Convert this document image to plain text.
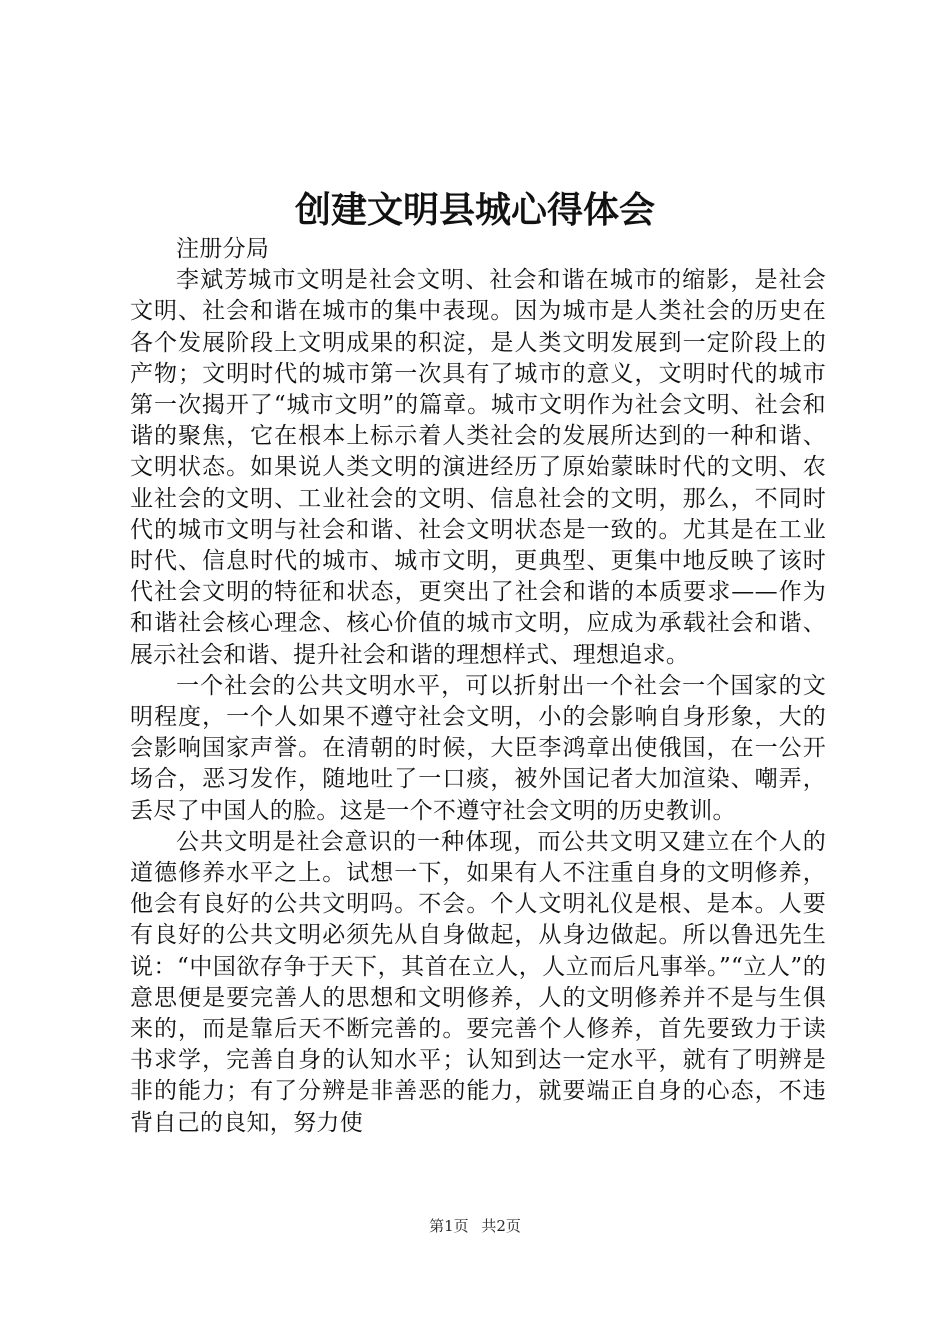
创建文明县城心得体会

注册分局

李斌芳城市文明是社会文明、社会和谐在城市的缩影，是社会文明、社会和谐在城市的集中表现。因为城市是人类社会的历史在各个发展阶段上文明成果的积淀，是人类文明发展到一定阶段上的产物；文明时代的城市第一次具有了城市的意义，文明时代的城市第一次揭开了“城市文明”的篇章。城市文明作为社会文明、社会和谐的聚焦，它在根本上标示着人类社会的发展所达到的一种和谐、文明状态。如果说人类文明的演进经历了原始蒙昧时代的文明、农业社会的文明、工业社会的文明、信息社会的文明，那么，不同时代的城市文明与社会和谐、社会文明状态是一致的。尤其是在工业时代、信息时代的城市、城市文明，更典型、更集中地反映了该时代社会文明的特征和状态，更突出了社会和谐的本质要求——作为和谐社会核心理念、核心价值的城市文明，应成为承载社会和谐、展示社会和谐、提升社会和谐的理想样式、理想追求。

一个社会的公共文明水平，可以折射出一个社会一个国家的文明程度，一个人如果不遵守社会文明，小的会影响自身形象，大的会影响国家声誉。在清朝的时候，大臣李鸿章出使俄国，在一公开场合，恶习发作，随地吐了一口痰，被外国记者大加渲染、嘲弄，丢尽了中国人的脸。这是一个不遵守社会文明的历史教训。

公共文明是社会意识的一种体现，而公共文明又建立在个人的道德修养水平之上。试想一下，如果有人不注重自身的文明修养，他会有良好的公共文明吗。不会。个人文明礼仪是根、是本。人要有良好的公共文明必须先从自身做起，从身边做起。所以鲁迅先生说：“中国欲存争于天下，其首在立人，人立而后凡事举。”“立人”的意思便是要完善人的思想和文明修养，人的文明修养并不是与生俱来的，而是靠后天不断完善的。要完善个人修养，首先要致力于读书求学，完善自身的认知水平；认知到达一定水平，就有了明辨是非的能力；有了分辨是非善恶的能力，就要端正自身的心态，不违背自己的良知，努力使

第1页 共2页
